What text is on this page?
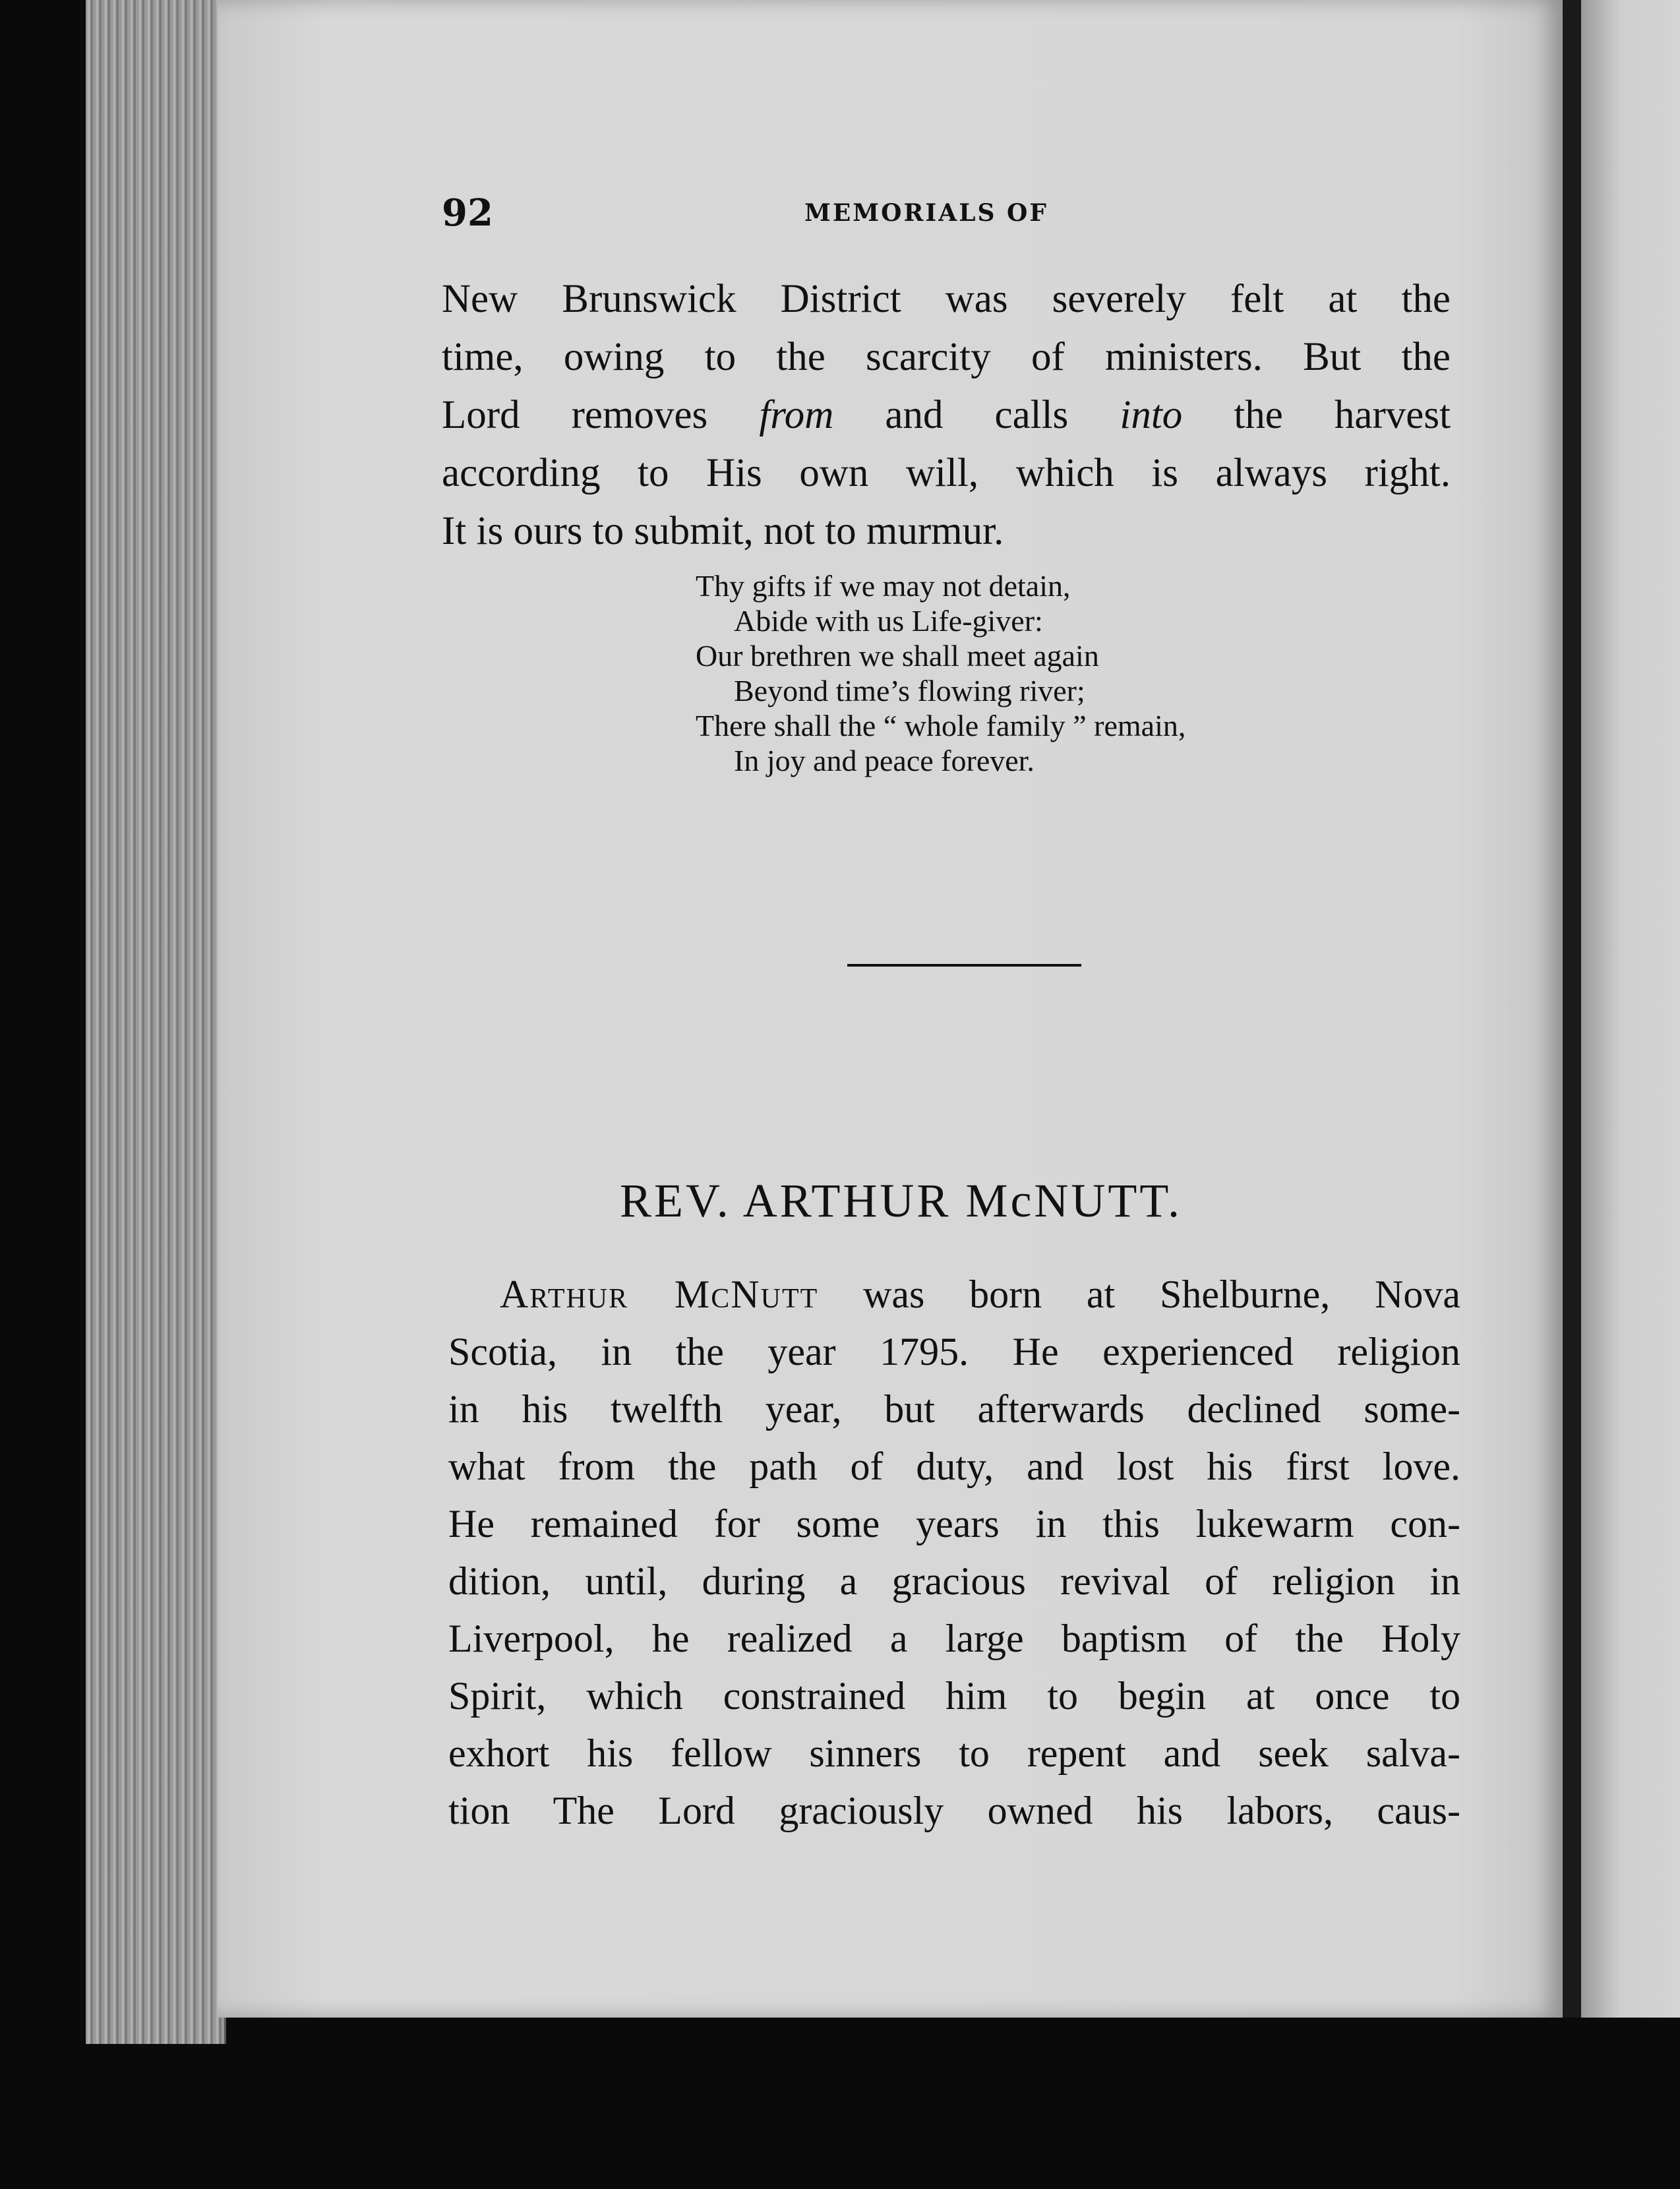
92	MEMORIALS OF

New Brunswick District was severely felt at the

time, owing to the scarcity of ministers. But the

Lord removes from and calls into the harvest

according to His own will, which is always right.

It is ours to submit, not to murmur.

Thy gifts if we may not detain,
Abide with us Life-giver:
Our brethren we shall meet again
Beyond time’s flowing river;
There shall the “ whole family ” remain,
In joy and peace forever.
REV. ARTHUR McNUTT.

Arthur McNutt was born at Shelburne, Nova

Scotia, in the year 1795. He experienced religion

in his twelfth year, but afterwards declined some-

what from the path of duty, and lost his first love.

He remained for some years in this lukewarm con-

dition, until, during a gracious revival of religion in

Liverpool, he realized a large baptism of the Holy

Spirit, which constrained him to begin at once to

exhort his fellow sinners to repent and seek salva-

tion The Lord graciously owned his labors, caus-
